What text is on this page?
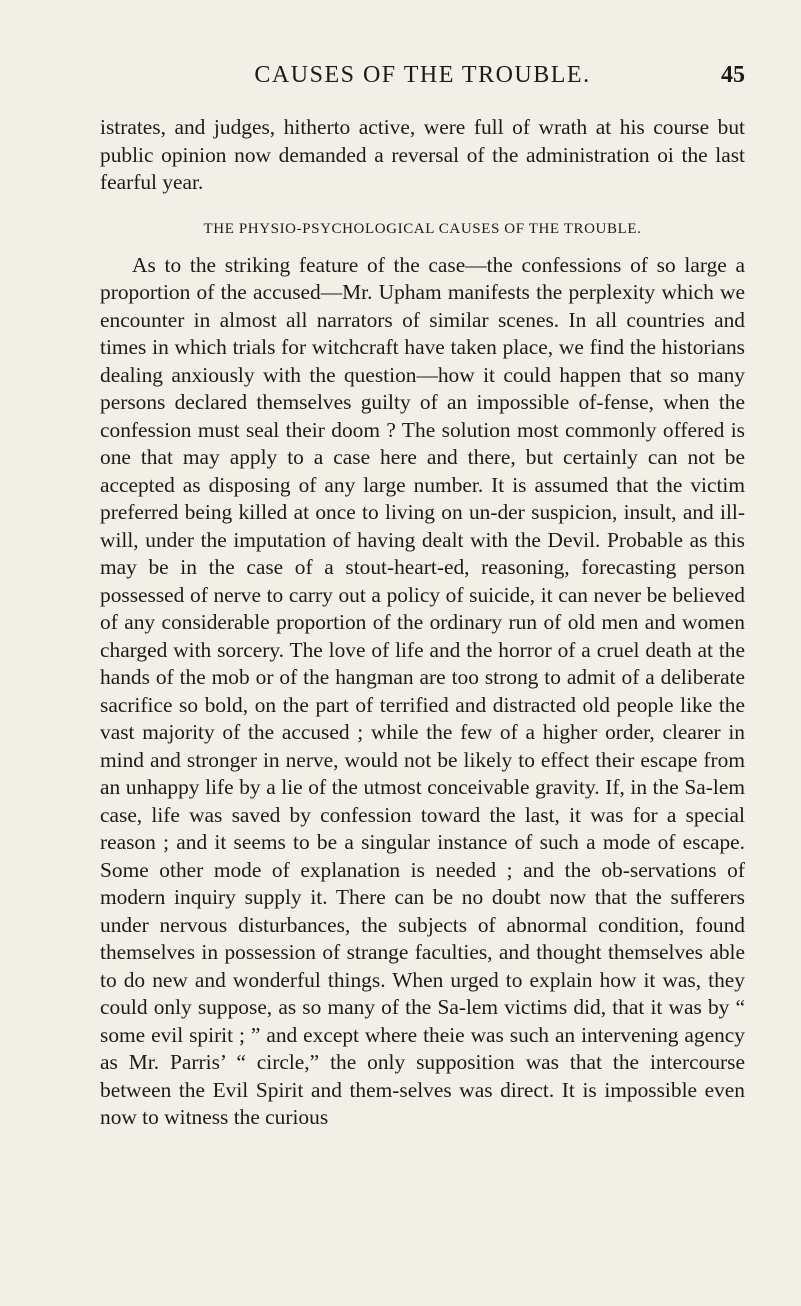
CAUSES OF THE TROUBLE.	45

istrates, and judges, hitherto active, were full of wrath at his course but public opinion now demanded a reversal of the administration oi the last fearful year.

THE PHYSIO-PSYCHOLOGICAL CAUSES OF THE TROUBLE.

As to the striking feature of the case—the confessions of so large a proportion of the accused—Mr. Upham manifests the perplexity which we encounter in almost all narrators of similar scenes. In all countries and times in which trials for witchcraft have taken place, we find the historians dealing anxiously with the question—how it could happen that so many persons declared themselves guilty of an impossible of-fense, when the confession must seal their doom ? The solution most commonly offered is one that may apply to a case here and there, but certainly can not be accepted as disposing of any large number. It is assumed that the victim preferred being killed at once to living on un-der suspicion, insult, and ill-will, under the imputation of having dealt with the Devil. Probable as this may be in the case of a stout-heart-ed, reasoning, forecasting person possessed of nerve to carry out a policy of suicide, it can never be believed of any considerable proportion of the ordinary run of old men and women charged with sorcery. The love of life and the horror of a cruel death at the hands of the mob or of the hangman are too strong to admit of a deliberate sacrifice so bold, on the part of terrified and distracted old people like the vast majority of the accused ; while the few of a higher order, clearer in mind and stronger in nerve, would not be likely to effect their escape from an unhappy life by a lie of the utmost conceivable gravity. If, in the Sa-lem case, life was saved by confession toward the last, it was for a special reason ; and it seems to be a singular instance of such a mode of escape. Some other mode of explanation is needed ; and the ob-servations of modern inquiry supply it. There can be no doubt now that the sufferers under nervous disturbances, the subjects of abnormal condition, found themselves in possession of strange faculties, and thought themselves able to do new and wonderful things. When urged to explain how it was, they could only suppose, as so many of the Sa-lem victims did, that it was by “ some evil spirit ; ” and except where theie was such an intervening agency as Mr. Parris’ “ circle,” the only supposition was that the intercourse between the Evil Spirit and them-selves was direct. It is impossible even now to witness the curious
